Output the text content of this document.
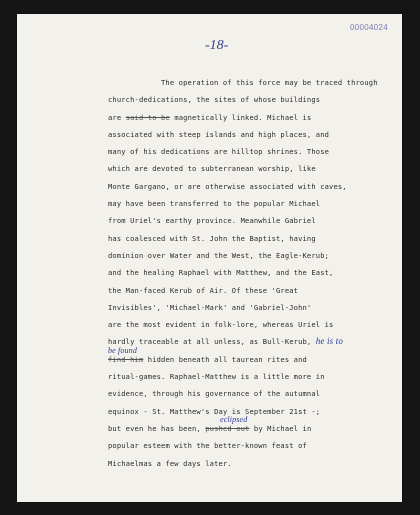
00004024
-18-
The operation of this force may be traced through
church-dedications, the sites of whose buildings
are said to be magnetically linked. Michael is
associated with steep islands and high places, and
many of his dedications are hilltop shrines. Those
which are devoted to subterranean worship, like
Monte Gargano, or are otherwise associated with caves,
may have been transferred to the popular Michael
from Uriel's earthy province. Meanwhile Gabriel
has coalesced with St. John the Baptist, having
dominion over Water and the West, the Eagle-Kerub;
and the healing Raphael with Matthew, and the East,
the Man-faced Kerub of Air. Of these 'Great
Invisibles', 'Michael-Mark' and 'Gabriel-John'
are the most evident in folk-lore, whereas Uriel is
hardly traceable at all unless, as Bull-Kerub, he is to
be found
find him hidden beneath all taurean rites and
ritual-games. Raphael-Matthew is a little more in
evidence, through his governance of the autumnal
equinox - St. Matthew's Day is September 21st -;
eclipsed
but even he has been, pushed out by Michael in
popular esteem with the better-known feast of
Michaelmas a few days later.
